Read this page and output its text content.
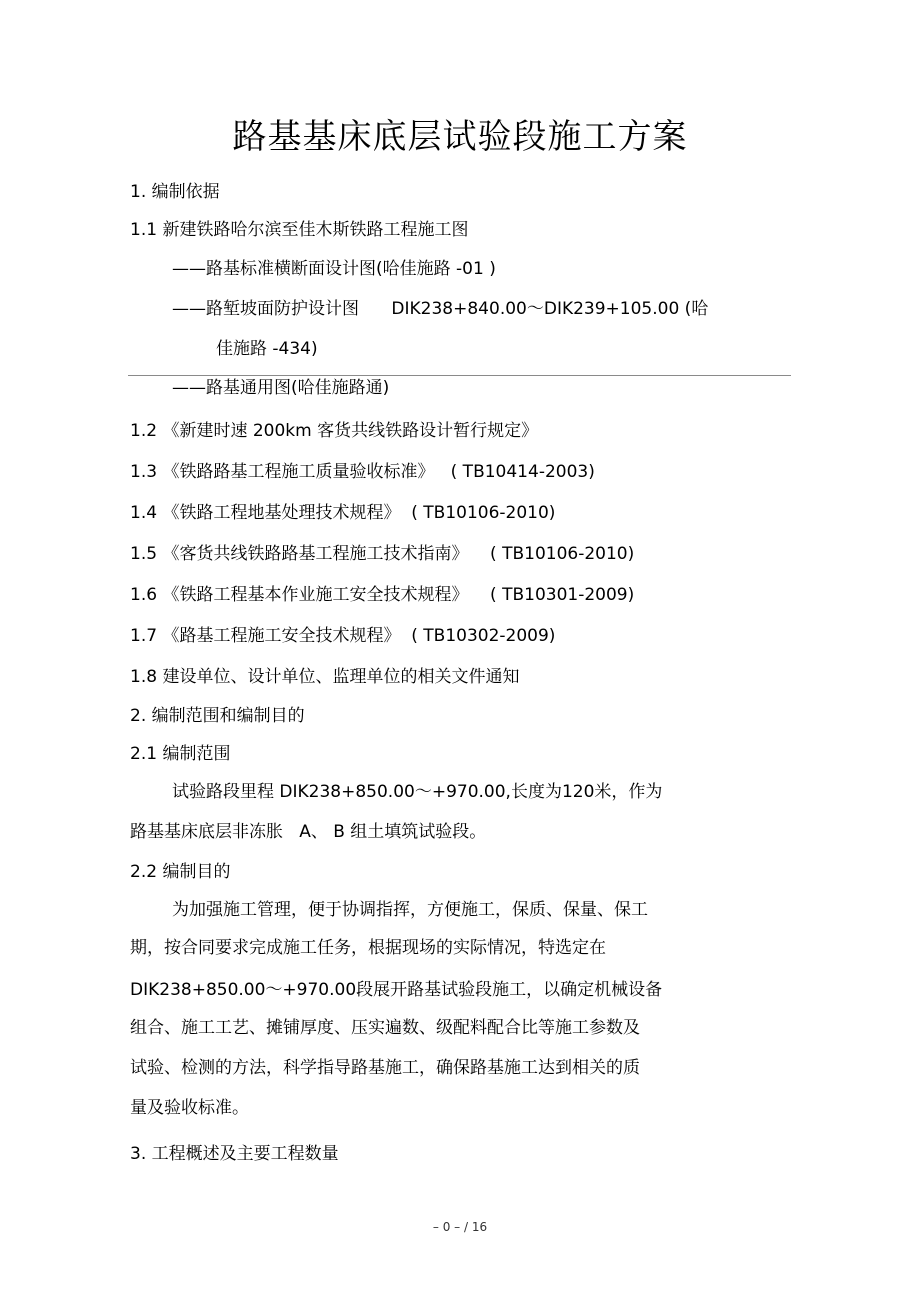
路基基床底层试验段施工方案
1. 编制依据
1.1 新建铁路哈尔滨至佳木斯铁路工程施工图
——路基标准横断面设计图(哈佳施路 -01 )
——路堑坡面防护设计图      DIK238+840.00～DIK239+105.00 (哈
佳施路 -434)
——路基通用图(哈佳施路通)
1.2 《新建时速 200km 客货共线铁路设计暂行规定》
1.3 《铁路路基工程施工质量验收标准》   ( TB10414-2003)
1.4 《铁路工程地基处理技术规程》  ( TB10106-2010)
1.5 《客货共线铁路路基工程施工技术指南》    ( TB10106-2010)
1.6 《铁路工程基本作业施工安全技术规程》    ( TB10301-2009)
1.7 《路基工程施工安全技术规程》  ( TB10302-2009)
1.8 建设单位、设计单位、监理单位的相关文件通知
2. 编制范围和编制目的
2.1 编制范围
试验路段里程 DIK238+850.00～+970.00,长度为120米，作为
路基基床底层非冻胀   A、 B 组土填筑试验段。
2.2 编制目的
为加强施工管理，便于协调指挥，方便施工，保质、保量、保工
期，按合同要求完成施工任务，根据现场的实际情况，特选定在
DIK238+850.00～+970.00段展开路基试验段施工，以确定机械设备
组合、施工工艺、摊铺厚度、压实遍数、级配料配合比等施工参数及
试验、检测的方法，科学指导路基施工，确保路基施工达到相关的质
量及验收标准。
3. 工程概述及主要工程数量
– 0 – / 16
